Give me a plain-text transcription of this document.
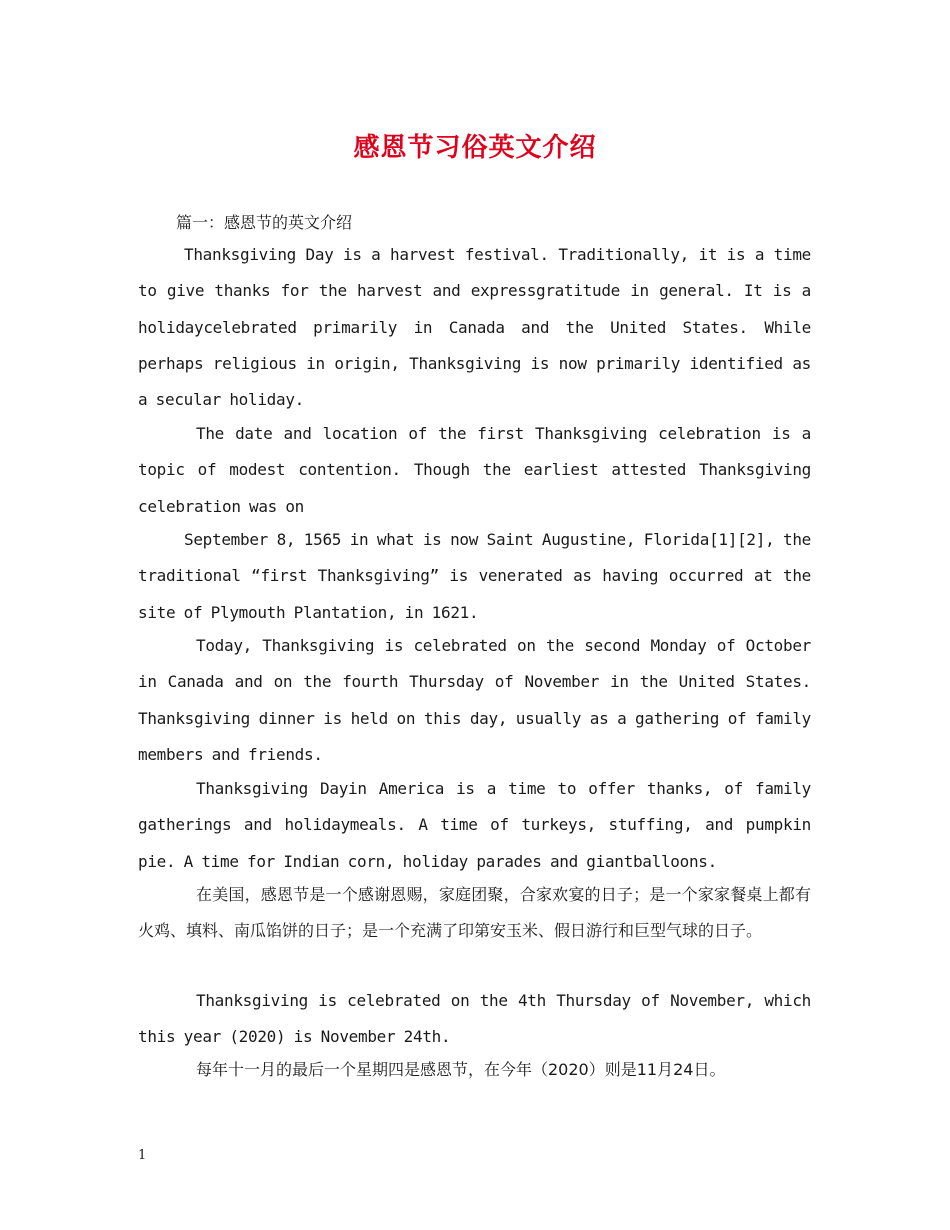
感恩节习俗英文介绍
篇一：感恩节的英文介绍

Thanksgiving Day is a harvest festival. Traditionally, it is a time to give thanks for the harvest and expressgratitude in general. It is a holidaycelebrated primarily in Canada and the United States. While perhaps religious in origin, Thanksgiving is now primarily identified as a secular holiday.

The date and location of the first Thanksgiving celebration is a topic of modest contention. Though the earliest attested Thanksgiving celebration was on

September 8, 1565 in what is now Saint Augustine, Florida[1][2], the traditional “first Thanksgiving” is venerated as having occurred at the site of Plymouth Plantation, in 1621.

Today, Thanksgiving is celebrated on the second Monday of October in Canada and on the fourth Thursday of November in the United States. Thanksgiving dinner is held on this day, usually as a gathering of family members and friends.

Thanksgiving Dayin America is a time to offer thanks, of family gatherings and holidaymeals. A time of turkeys, stuffing, and pumpkin pie. A time for Indian corn, holiday parades and giantballoons.

在美国，感恩节是一个感谢恩赐，家庭团聚，合家欢宴的日子；是一个家家餐桌上都有火鸡、填料、南瓜馅饼的日子；是一个充满了印第安玉米、假日游行和巨型气球的日子。

Thanksgiving is celebrated on the 4th Thursday of November, which this year (2020) is November 24th.

每年十一月的最后一个星期四是感恩节，在今年（2020）则是11月24日。

1
